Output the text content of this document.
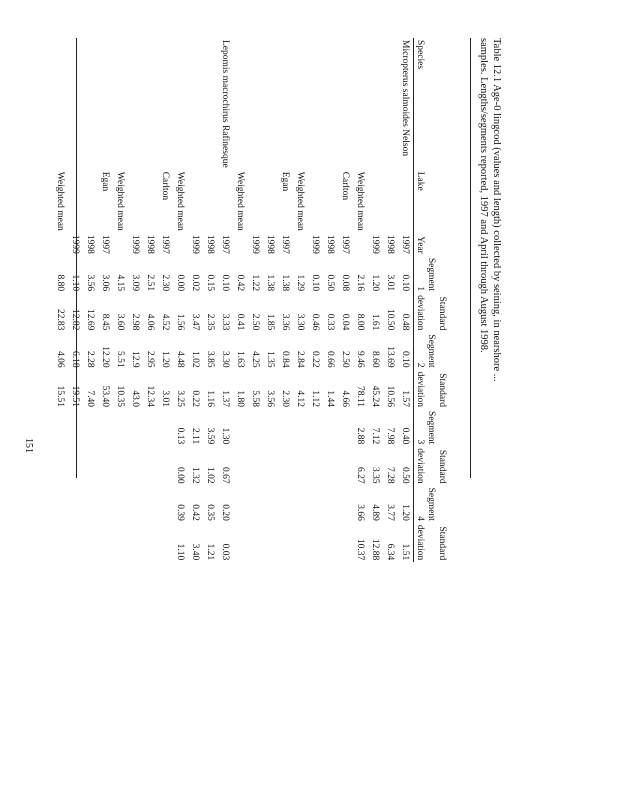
Table 12.1 Age-0 lingcod (values and length) collected by seining, in nearshore ...
samples. Lengths/segments reported, 1997 and April through August 1998.
				Standard		Standard		Standard		Standard
Species	Lake	Year	Segment 1	deviation	Segment 2	deviation	Segment 3	deviation	Segment 4	deviation
Micropterus salmoides Nelson		1997	0.10	0.48	0.10	1.57	0.40	0.50	1.20	1.51
		1998	3.01	10.50	13.69	10.56	7.98	7.28	3.77	6.34
		1999	1.20	1.61	8.60	45.24	7.12	3.35	4.89	12.88
	Weighted mean		2.16	8.00	9.46	78.11	2.88	6.27	3.66	10.37
	Carlton	1997	0.08	0.04	2.50	4.66				
		1998	0.50	0.33	0.66	1.44				
		1999	0.10	0.46	0.22	1.12				
	Weighted mean		1.29	3.30	2.84	4.12				
	Egan	1997	1.38	3.36	0.84	2.30				
		1998	1.38	1.85	1.35	3.56				
		1999	1.22	2.50	4.25	5.58				
	Weighted mean		0.42	0.41	1.63	1.80				
Lepomis macrochirus Rafinesque		1997	0.10	3.33	3.30	1.37	1.30	0.67	0.20	0.03
		1998	0.15	2.35	3.85	1.16	3.59	1.02	0.35	1.21
		1999	0.02	3.47	1.02	0.22	2.11	1.32	0.42	3.40
	Weighted mean		0.00	1.56	4.48	3.25	0.13	0.00	0.39	1.10
	Carlton	1997	2.30	4.52	1.20	3.01				
		1998	2.51	4.06	2.95	12.34				
		1999	3.09	2.98	12.9	43.0				
	Weighted mean		4.15	3.60	5.51	10.35				
	Egan	1997	3.06	8.45	12.20	53.40				
		1998	3.56	12.69	2.28	7.40				
		1999	1.10	12.82	6.18	19.51				
	Weighted mean		8.80	22.83	4.06	15.51				
151
